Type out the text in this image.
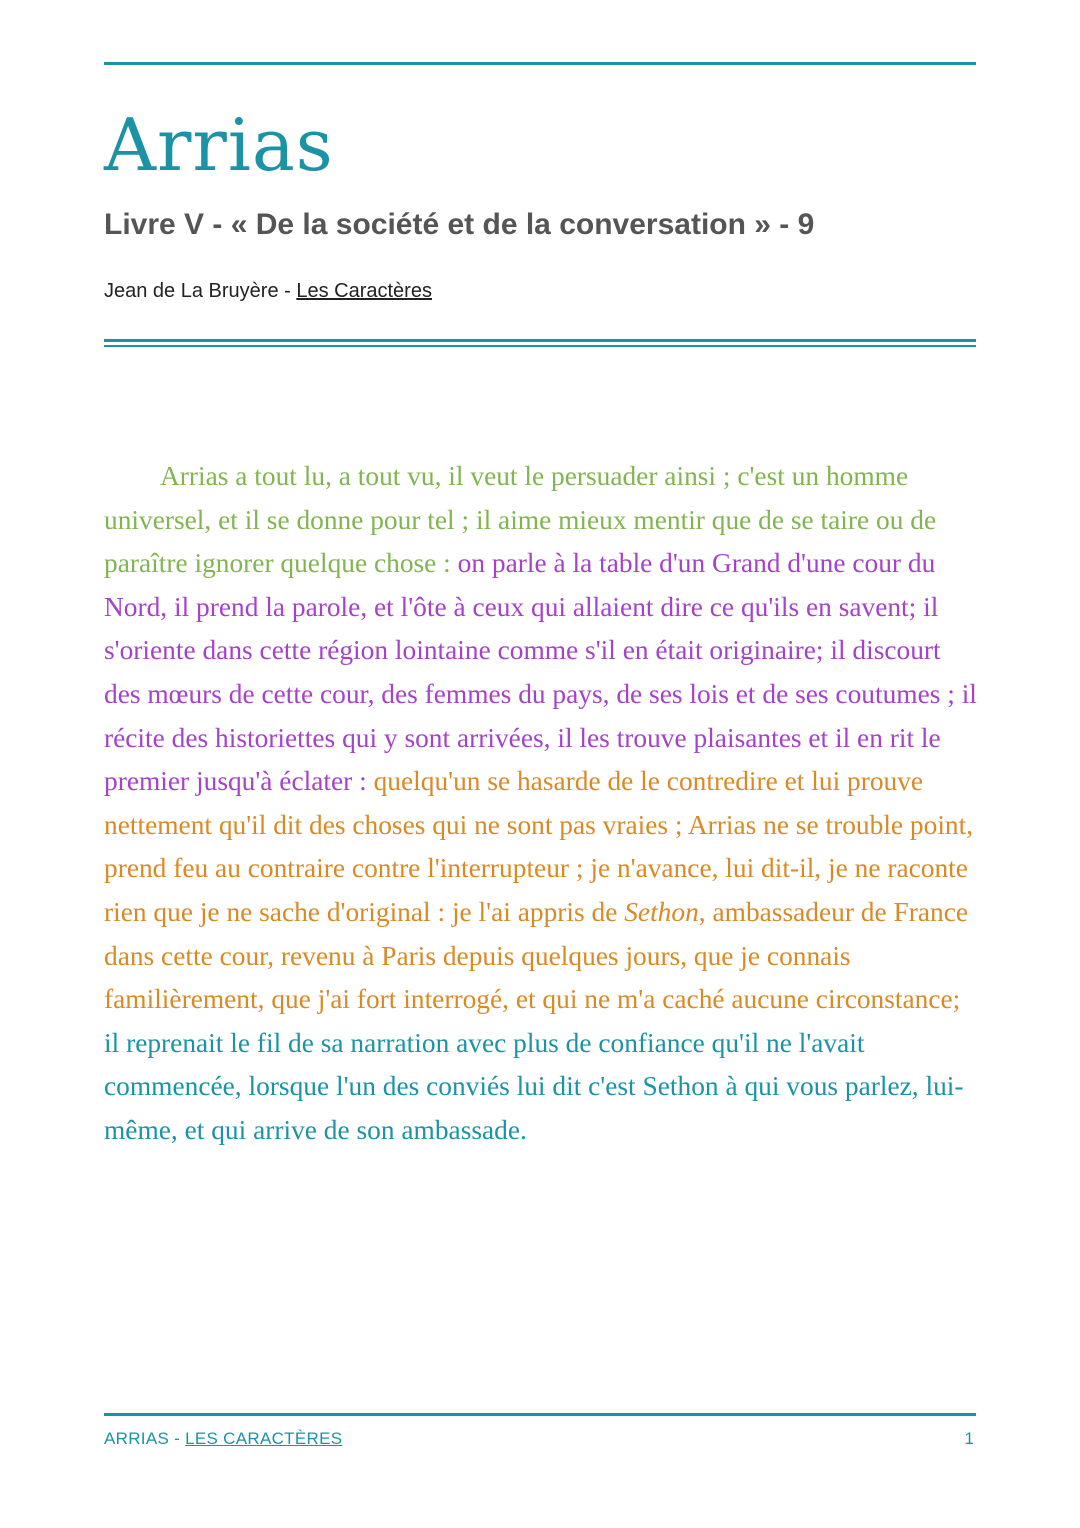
Arrias
Livre V - « De la société et de la conversation » - 9
Jean de La Bruyère - Les Caractères

Arrias a tout lu, a tout vu, il veut le persuader ainsi ; c'est un homme universel, et il se donne pour tel ; il aime mieux mentir que de se taire ou de paraître ignorer quelque chose : on parle à la table d'un Grand d'une cour du Nord, il prend la parole, et l'ôte à ceux qui allaient dire ce qu'ils en savent; il s'oriente dans cette région lointaine comme s'il en était originaire; il discourt des mœurs de cette cour, des femmes du pays, de ses lois et de ses coutumes ; il récite des historiettes qui y sont arrivées, il les trouve plaisantes et il en rit le premier jusqu'à éclater : quelqu'un se hasarde de le contredire et lui prouve nettement qu'il dit des choses qui ne sont pas vraies ; Arrias ne se trouble point, prend feu au contraire contre l'interrupteur ; je n'avance, lui dit-il, je ne raconte rien que je ne sache d'original : je l'ai appris de Sethon, ambassadeur de France dans cette cour, revenu à Paris depuis quelques jours, que je connais familièrement, que j'ai fort interrogé, et qui ne m'a caché aucune circonstance; il reprenait le fil de sa narration avec plus de confiance qu'il ne l'avait commencée, lorsque l'un des conviés lui dit c'est Sethon à qui vous parlez, lui-même, et qui arrive de son ambassade.

ARRIAS - LES CARACTÈRES	1
